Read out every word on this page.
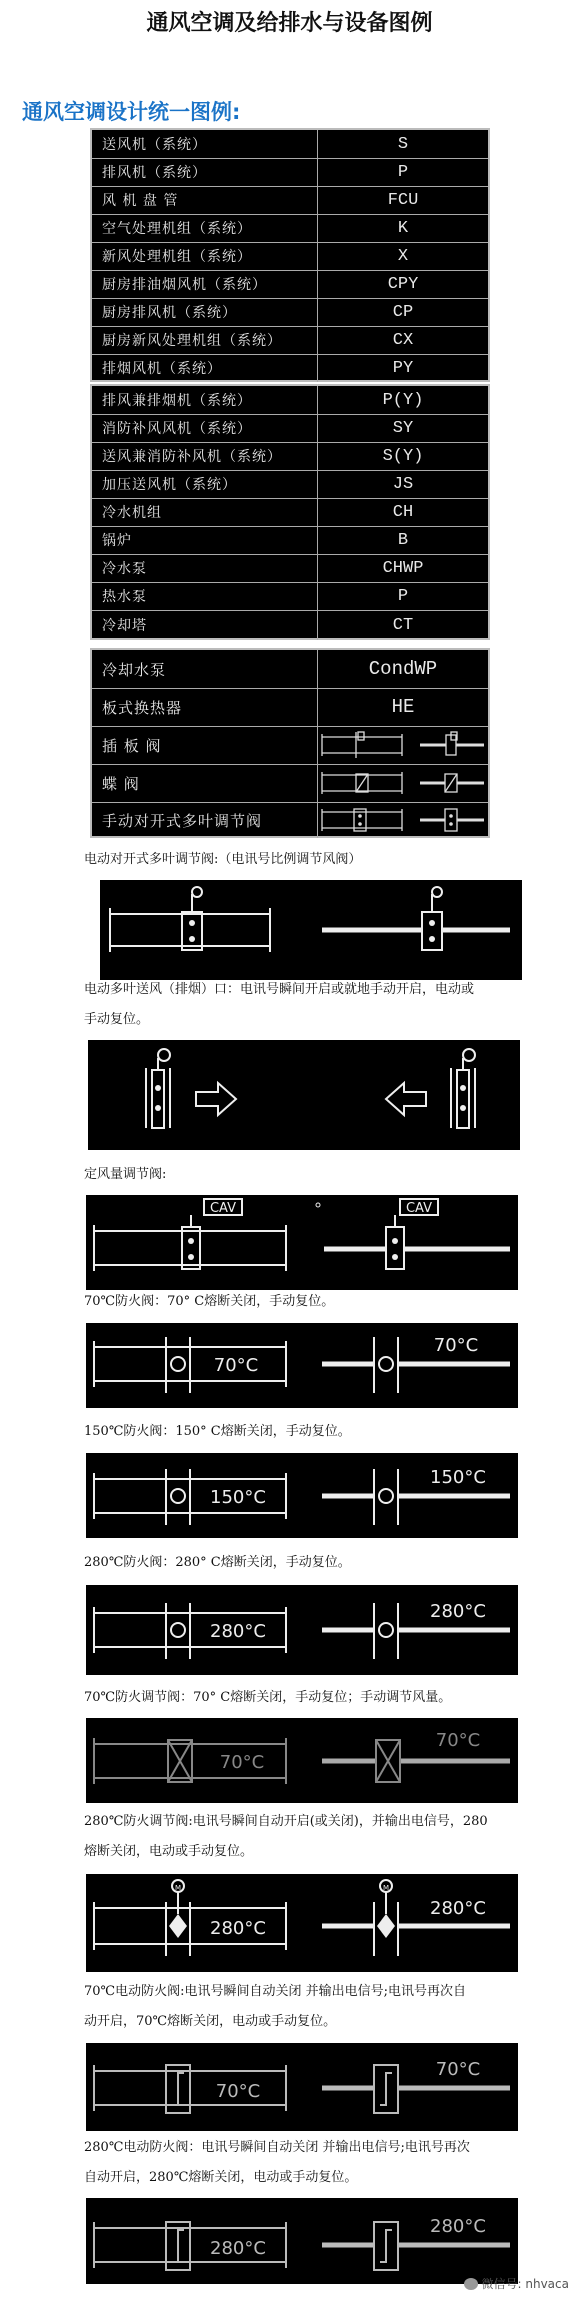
通风空调及给排水与设备图例
通风空调设计统一图例:
送风机（系统）	S
排风机（系统）	P
风 机 盘 管	FCU
空气处理机组（系统）	K
新风处理机组（系统）	X
厨房排油烟风机（系统）	CPY
厨房排风机（系统）	CP
厨房新风处理机组（系统）	CX
排烟风机（系统）	PY
排风兼排烟机（系统）	P(Y)
消防补风风机（系统）	SY
送风兼消防补风机（系统）	S(Y)
加压送风机（系统）	JS
冷水机组	CH
锅炉	B
冷水泵	CHWP
热水泵	P
冷却塔	CT
冷却水泵	CondWP
板式换热器	HE
插 板 阀
蝶 阀
手动对开式多叶调节阀
电动对开式多叶调节阀:（电讯号比例调节风阀）
电动多叶送风（排烟）口：电讯号瞬间开启或就地手动开启，电动或
手动复位。
定风量调节阀:
CAV	CAV
70℃防火阀：70° C熔断关闭，手动复位。
70°C
70°C
150℃防火阀：150° C熔断关闭，手动复位。
150°C
150°C
280℃防火阀：280° C熔断关闭，手动复位。
280°C
280°C
70℃防火调节阀：70° C熔断关闭，手动复位；手动调节风量。
70°C
70°C
280℃防火调节阀:电讯号瞬间自动开启(或关闭)，并输出电信号，280
熔断关闭，电动或手动复位。
M	M
280°C
280°C
70℃电动防火阀:电讯号瞬间自动关闭 并输出电信号;电讯号再次自
动开启，70℃熔断关闭，电动或手动复位。
70°C
70°C
280℃电动防火阀：电讯号瞬间自动关闭 并输出电信号;电讯号再次
自动开启，280℃熔断关闭，电动或手动复位。
280°C
280°C
微信号: nhvaca
